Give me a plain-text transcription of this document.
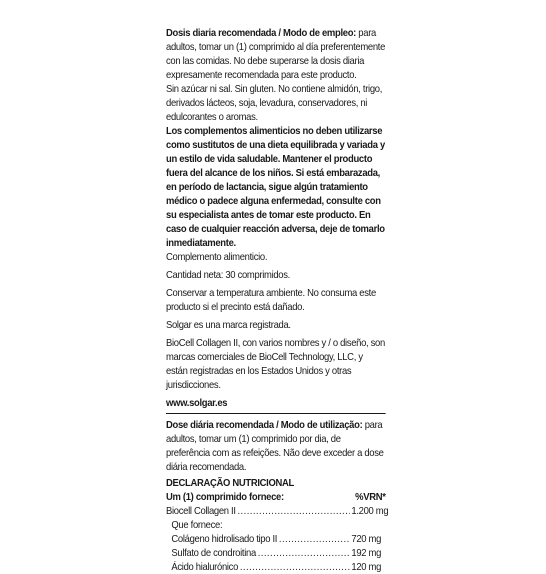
Dosis diaria recomendada / Modo de empleo: para adultos, tomar un (1) comprimido al día preferentemente con las comidas. No debe superarse la dosis diaria expresamente recomendada para este producto.

Sin azúcar ni sal. Sin gluten. No contiene almidón, trigo, derivados lácteos, soja, levadura, conservadores, ni edulcorantes o aromas.

Los complementos alimenticios no deben utilizarse como sustitutos de una dieta equilibrada y variada y un estilo de vida saludable. Mantener el producto fuera del alcance de los niños. Si está embarazada, en período de lactancia, sigue algún tratamiento médico o padece alguna enfermedad, consulte con su especialista antes de tomar este producto. En caso de cualquier reacción adversa, deje de tomarlo inmediatamente.

Complemento alimenticio.

Cantidad neta: 30 comprimidos.

Conservar a temperatura ambiente. No consuma este producto si el precinto está dañado.

Solgar es una marca registrada.

BioCell Collagen II, con varios nombres y / o diseño, son marcas comerciales de BioCell Technology, LLC, y están registradas en los Estados Unidos y otras jurisdicciones.

www.solgar.es

Dose diária recomendada / Modo de utilização: para adultos, tomar um (1) comprimido por dia, de preferência com as refeições. Não deve exceder a dose diária recomendada.

DECLARAÇÃO NUTRICIONAL

Um (1) comprimido fornece:	%VRN*
Biocell Collagen II .....	1.200 mg
Que fornece:
Colágeno hidrolisado tipo II .....	720 mg
Sulfato de condroitina .....	192 mg
Ácido hialurónico .....	120 mg
